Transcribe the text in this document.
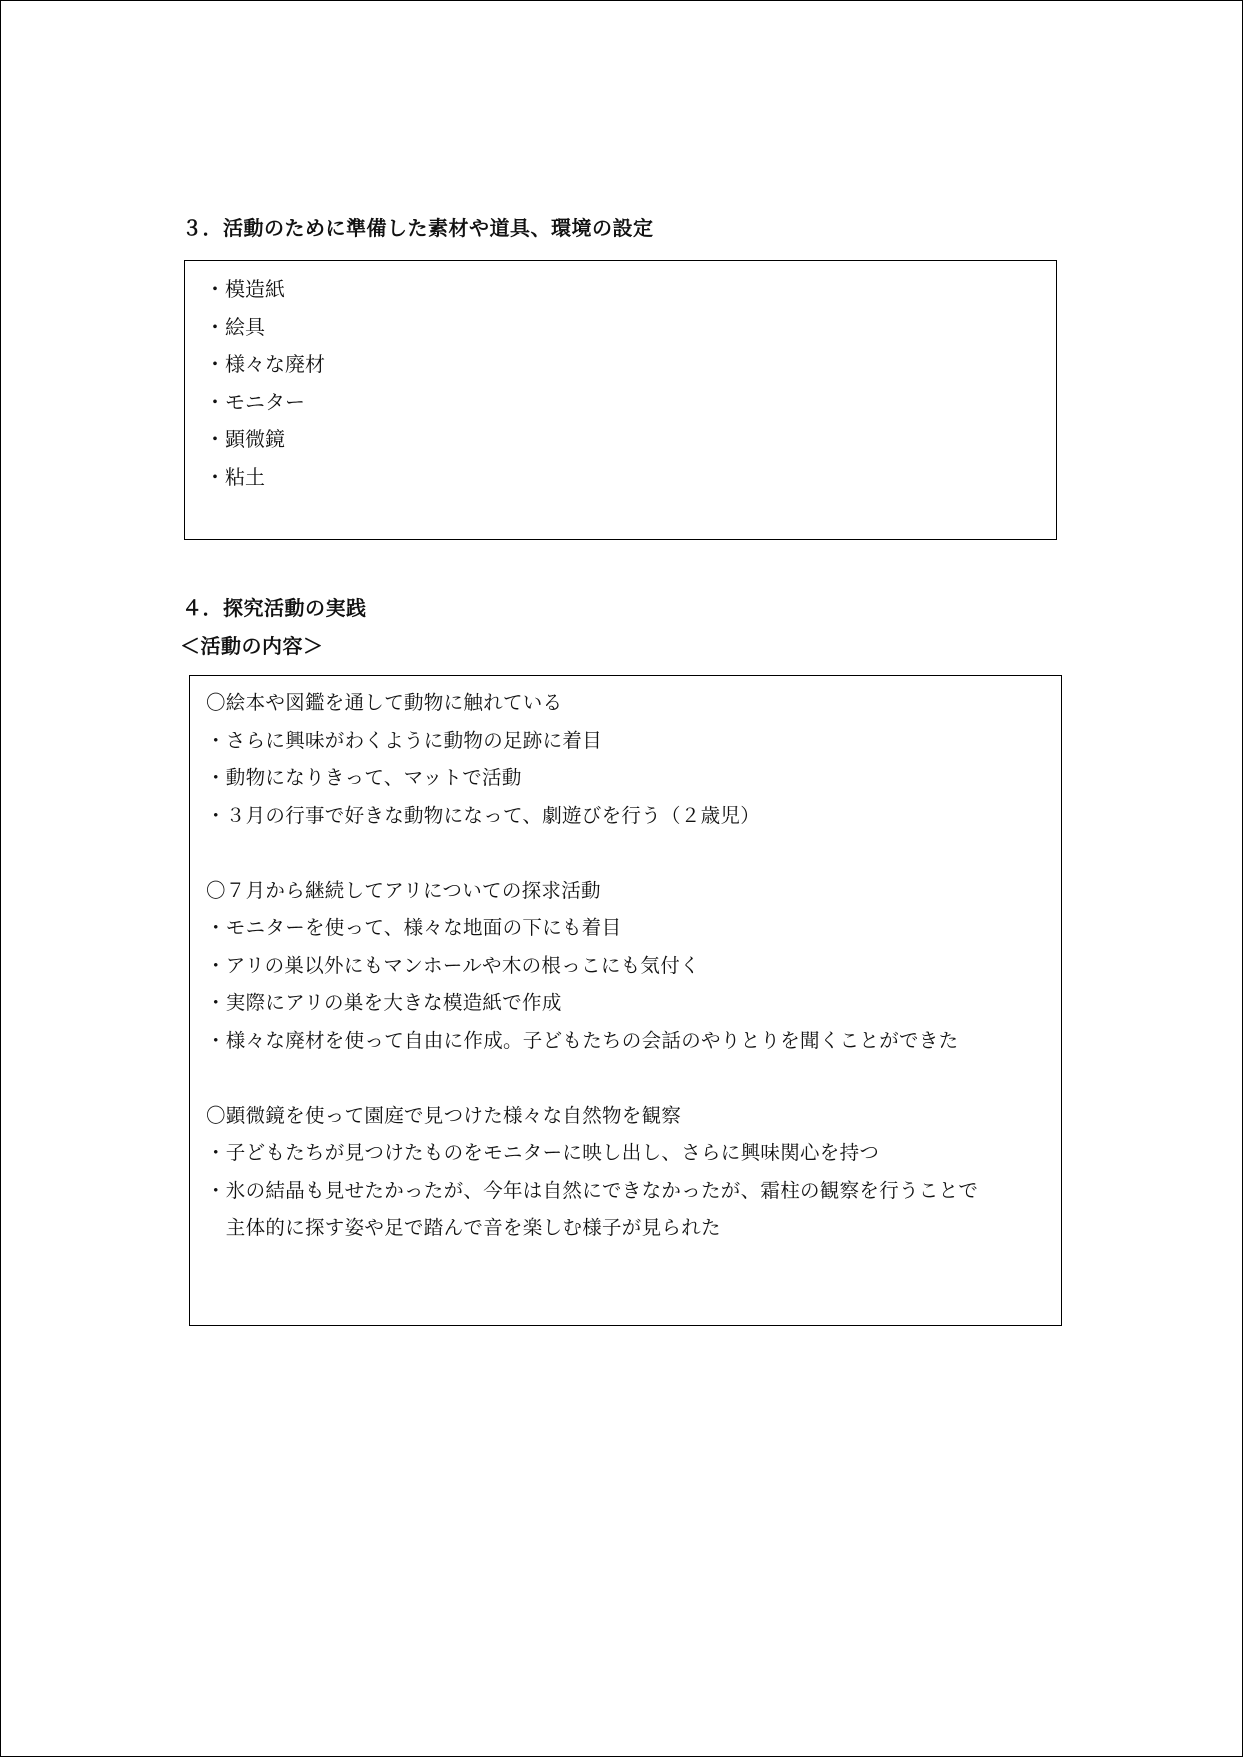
３．活動のために準備した素材や道具、環境の設定
・模造紙
・絵具
・様々な廃材
・モニター
・顕微鏡
・粘土
４．探究活動の実践
＜活動の内容＞
〇絵本や図鑑を通して動物に触れている
・さらに興味がわくように動物の足跡に着目
・動物になりきって、マットで活動
・３月の行事で好きな動物になって、劇遊びを行う（２歳児）
〇７月から継続してアリについての探求活動
・モニターを使って、様々な地面の下にも着目
・アリの巣以外にもマンホールや木の根っこにも気付く
・実際にアリの巣を大きな模造紙で作成
・様々な廃材を使って自由に作成。子どもたちの会話のやりとりを聞くことができた
〇顕微鏡を使って園庭で見つけた様々な自然物を観察
・子どもたちが見つけたものをモニターに映し出し、さらに興味関心を持つ
・氷の結晶も見せたかったが、今年は自然にできなかったが、霜柱の観察を行うことで
　主体的に探す姿や足で踏んで音を楽しむ様子が見られた
